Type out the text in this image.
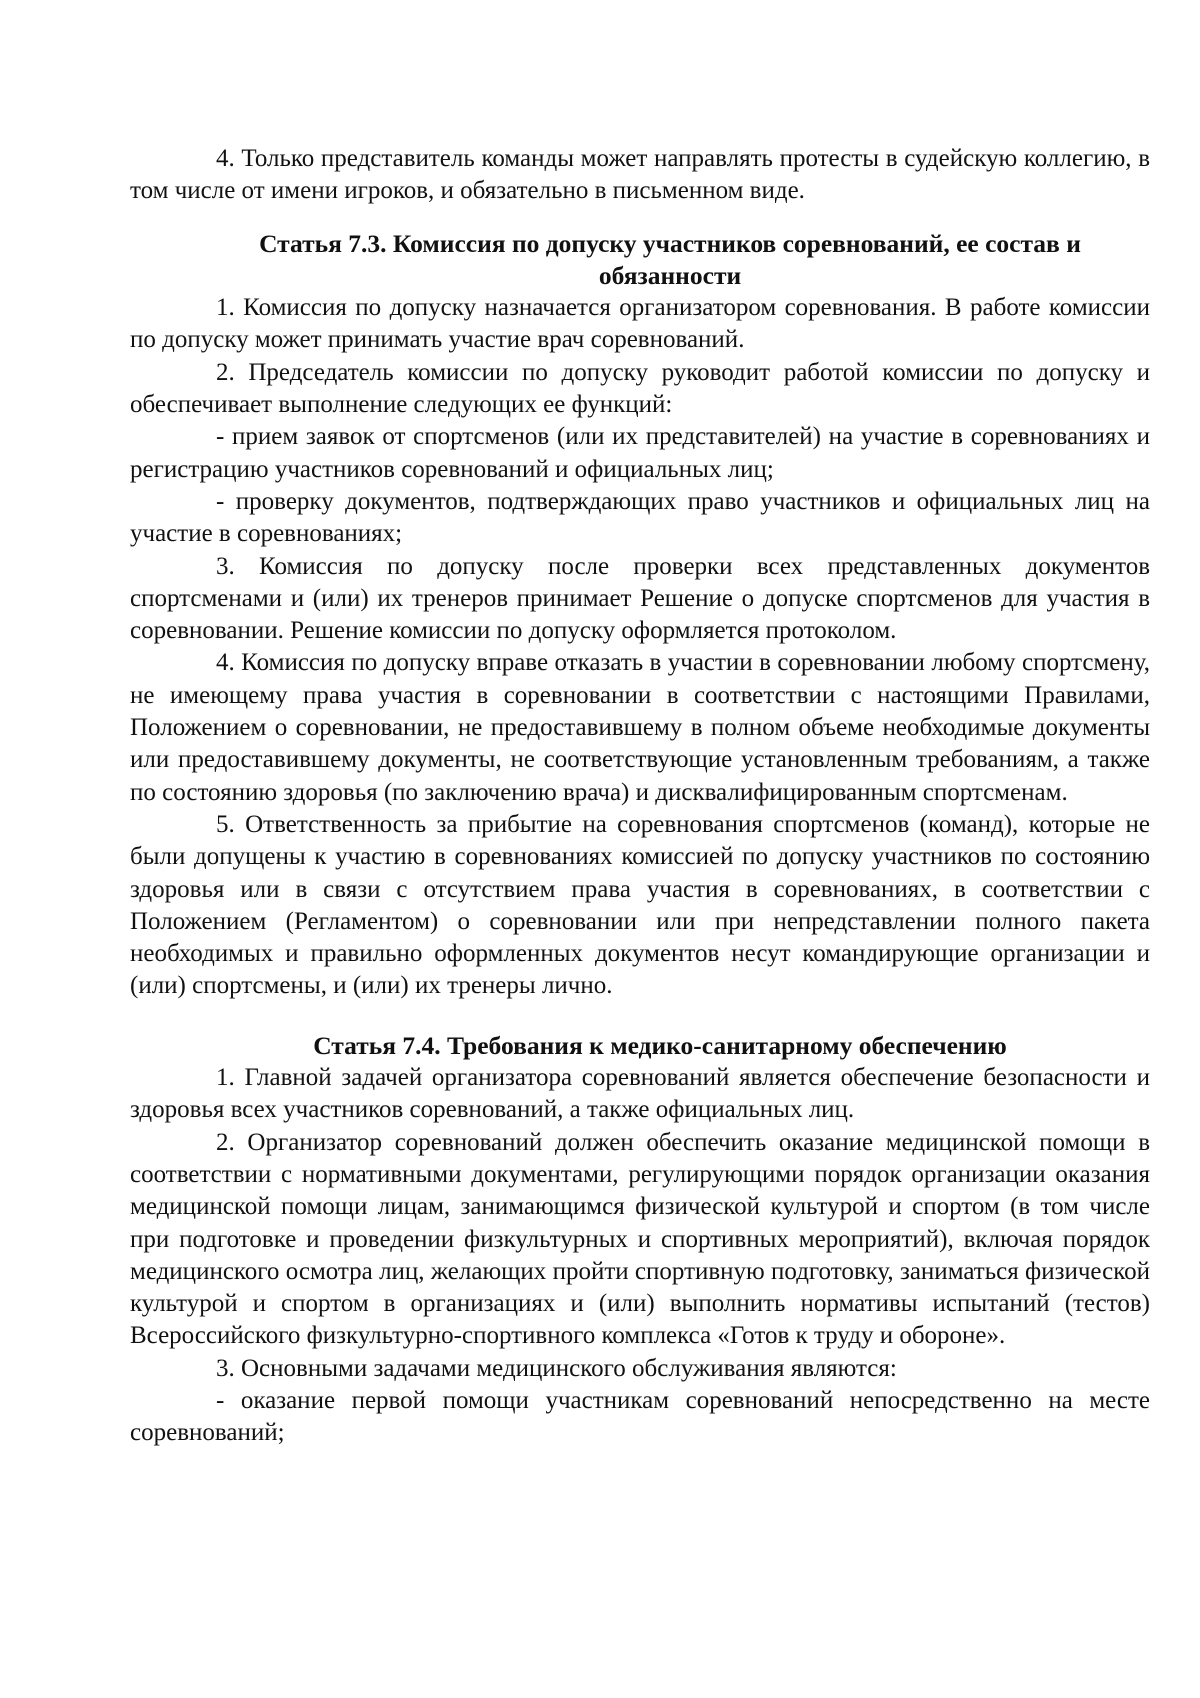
4. Только представитель команды может направлять протесты в судейскую коллегию, в том числе от имени игроков, и обязательно в письменном виде.

Статья 7.3. Комиссия по допуску участников соревнований, ее состав и
обязанности

1. Комиссия по допуску назначается организатором соревнования. В работе комиссии по допуску может принимать участие врач соревнований.

2. Председатель комиссии по допуску руководит работой комиссии по допуску и обеспечивает выполнение следующих ее функций:

- прием заявок от спортсменов (или их представителей) на участие в соревнованиях и регистрацию участников соревнований и официальных лиц;

- проверку документов, подтверждающих право участников и официальных лиц на участие в соревнованиях;

3. Комиссия по допуску после проверки всех представленных документов спортсменами и (или) их тренеров принимает Решение о допуске спортсменов для участия в соревновании. Решение комиссии по допуску оформляется протоколом.

4. Комиссия по допуску вправе отказать в участии в соревновании любому спортсмену, не имеющему права участия в соревновании в соответствии с настоящими Правилами, Положением о соревновании, не предоставившему в полном объеме необходимые документы или предоставившему документы, не соответствующие установленным требованиям, а также по состоянию здоровья (по заключению врача) и дисквалифицированным спортсменам.

5. Ответственность за прибытие на соревнования спортсменов (команд), которые не были допущены к участию в соревнованиях комиссией по допуску участников по состоянию здоровья или в связи с отсутствием права участия в соревнованиях, в соответствии с Положением (Регламентом) о соревновании или при непредставлении полного пакета необходимых и правильно оформленных документов несут командирующие организации и (или) спортсмены, и (или) их тренеры лично.

Статья 7.4. Требования к медико-санитарному обеспечению

1. Главной задачей организатора соревнований является обеспечение безопасности и здоровья всех участников соревнований, а также официальных лиц.

2. Организатор соревнований должен обеспечить оказание медицинской помощи в соответствии с нормативными документами, регулирующими порядок организации оказания медицинской помощи лицам, занимающимся физической культурой и спортом (в том числе при подготовке и проведении физкультурных и спортивных мероприятий), включая порядок медицинского осмотра лиц, желающих пройти спортивную подготовку, заниматься физической культурой и спортом в организациях и (или) выполнить нормативы испытаний (тестов) Всероссийского физкультурно-спортивного комплекса «Готов к труду и обороне».

3. Основными задачами медицинского обслуживания являются:

- оказание первой помощи участникам соревнований непосредственно на месте соревнований;
